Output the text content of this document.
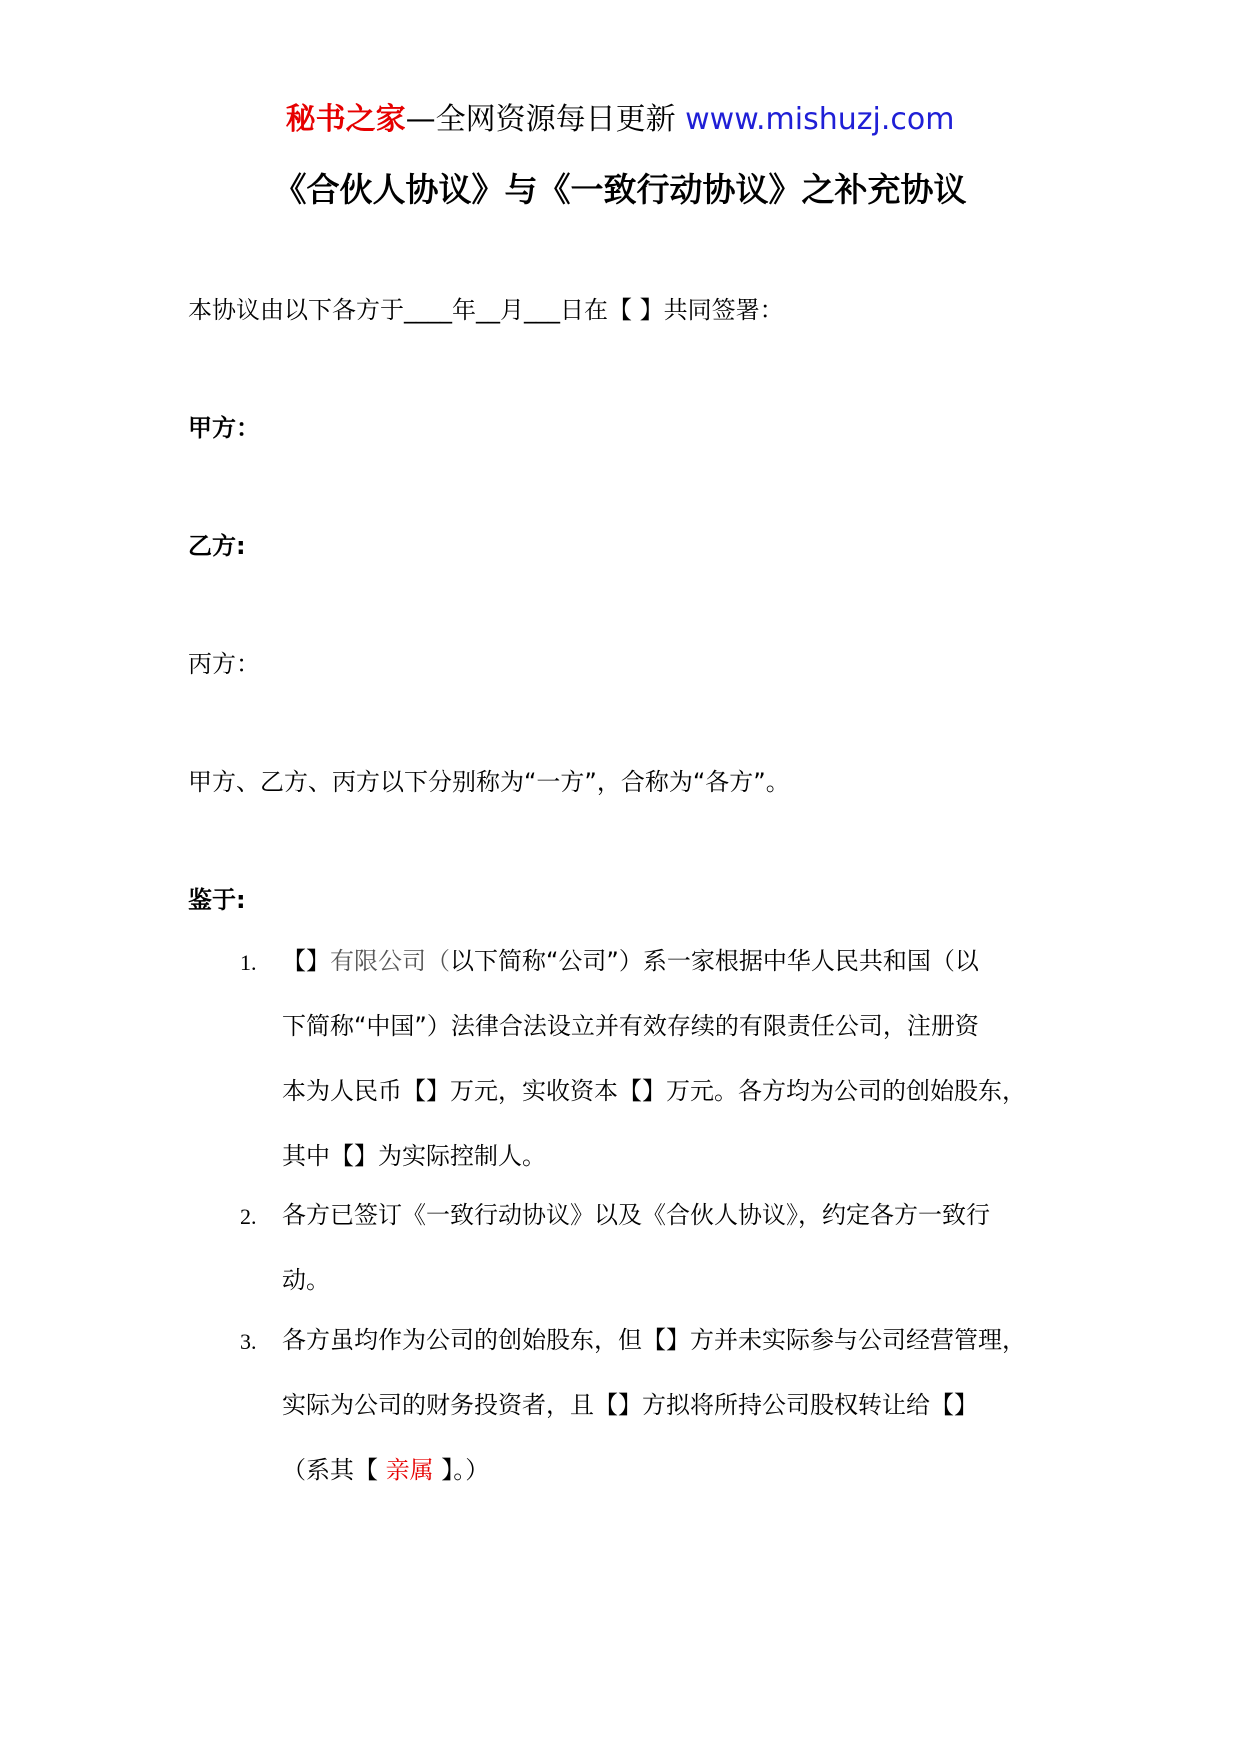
秘书之家—全网资源每日更新 www.mishuzj.com
《合伙人协议》与《一致行动协议》之补充协议
本协议由以下各方于____年__月___日在【 】共同签署：
甲方：
乙方:
丙方：
甲方、乙方、丙方以下分别称为“一方”，合称为“各方”。
鉴于:
1. 【】有限公司（以下简称“公司”）系一家根据中华人民共和国（以
下简称“中国”）法律合法设立并有效存续的有限责任公司，注册资
本为人民币【】万元，实收资本【】万元。各方均为公司的创始股东，
其中【】为实际控制人。
2. 各方已签订《一致行动协议》以及《合伙人协议》，约定各方一致行
动。
3. 各方虽均作为公司的创始股东，但【】方并未实际参与公司经营管理，
实际为公司的财务投资者，且【】方拟将所持公司股权转让给【】
（系其【 亲属 】。）
